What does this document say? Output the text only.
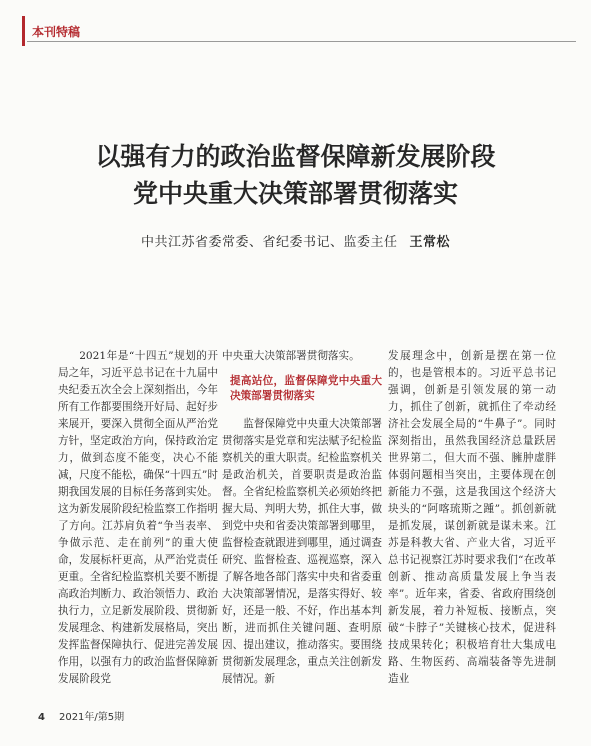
本刊特稿
以强有力的政治监督保障新发展阶段
党中央重大决策部署贯彻落实
中共江苏省委常委、省纪委书记、监委主任 王常松

2021年是“十四五”规划的开局之年，习近平总书记在十九届中央纪委五次全会上深刻指出，今年所有工作都要围绕开好局、起好步来展开，要深入贯彻全面从严治党方针，坚定政治方向，保持政治定力，做到态度不能变，决心不能减，尺度不能松，确保“十四五”时期我国发展的目标任务落到实处。这为新发展阶段纪检监察工作指明了方向。江苏肩负着“争当表率、争做示范、走在前列”的重大使命，发展标杆更高，从严治党责任更重。全省纪检监察机关要不断提高政治判断力、政治领悟力、政治执行力，立足新发展阶段、贯彻新发展理念、构建新发展格局，突出发挥监督保障执行、促进完善发展作用，以强有力的政治监督保障新发展阶段党

中央重大决策部署贯彻落实。

提高站位，监督保障党中央重大决策部署贯彻落实

监督保障党中央重大决策部署贯彻落实是党章和宪法赋予纪检监察机关的重大职责。纪检监察机关是政治机关，首要职责是政治监督。全省纪检监察机关必须始终把握大局、判明大势，抓住大事，做到党中央和省委决策部署到哪里，监督检查就跟进到哪里，通过调查研究、监督检查、巡视巡察，深入了解各地各部门落实中央和省委重大决策部署情况，是落实得好、较好，还是一般、不好，作出基本判断，进而抓住关键问题、查明原因、提出建议，推动落实。要围绕贯彻新发展理念，重点关注创新发展情况。新

发展理念中，创新是摆在第一位的，也是管根本的。习近平总书记强调，创新是引领发展的第一动力，抓住了创新，就抓住了牵动经济社会发展全局的“牛鼻子”。同时深刻指出，虽然我国经济总量跃居世界第二，但大而不强、臃肿虚胖体弱问题相当突出，主要体现在创新能力不强，这是我国这个经济大块头的“阿喀琉斯之踵”。抓创新就是抓发展，谋创新就是谋未来。江苏是科教大省、产业大省，习近平总书记视察江苏时要求我们“在改革创新、推动高质量发展上争当表率”。近年来，省委、省政府围绕创新发展，着力补短板、接断点，突破“卡脖子”关键核心技术，促进科技成果转化；积极培育壮大集成电路、生物医药、高端装备等先进制造业

4 2021年/第5期
